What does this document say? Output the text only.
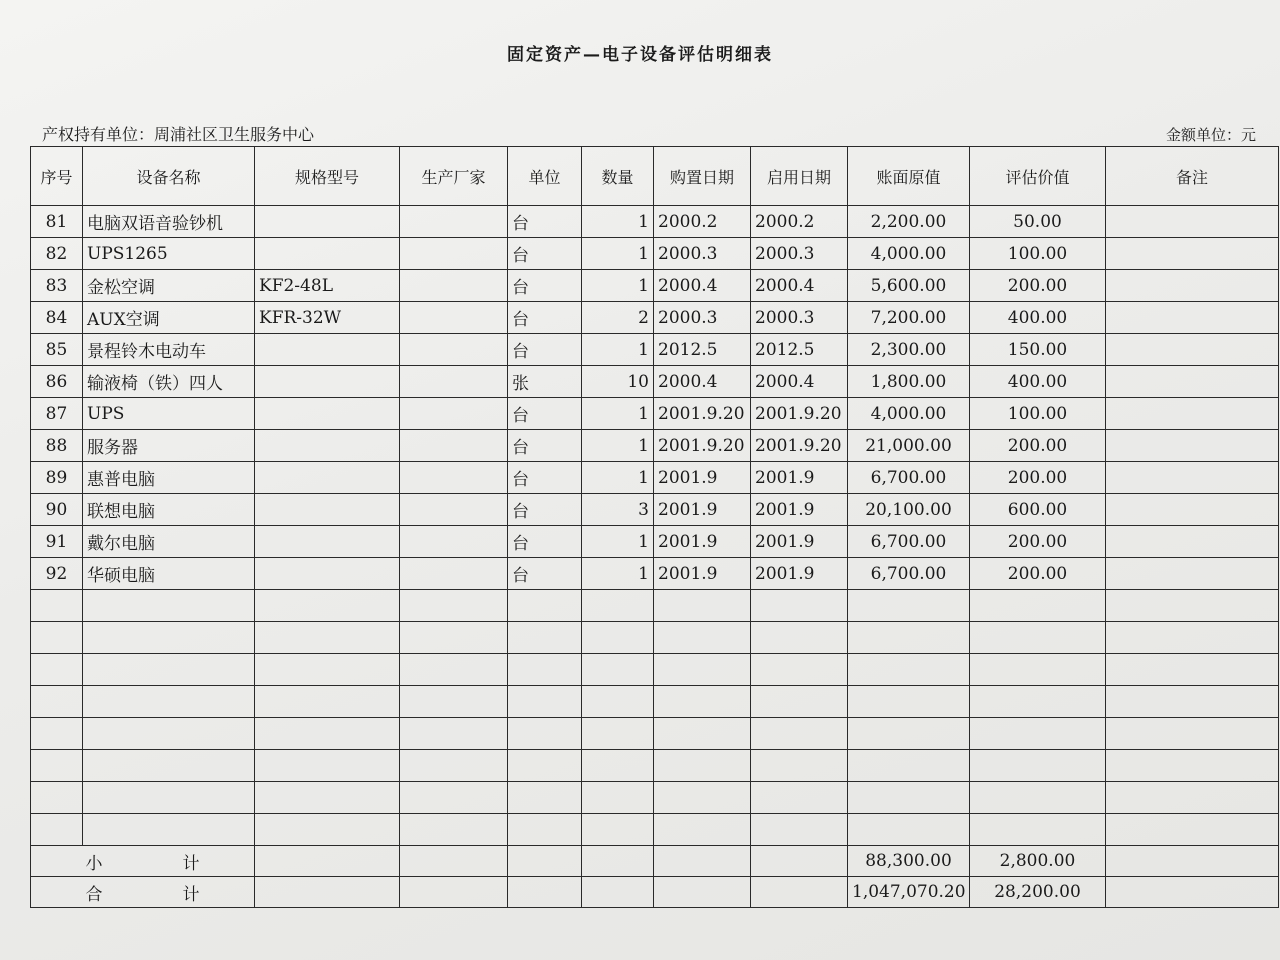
固定资产—电子设备评估明细表
产权持有单位：周浦社区卫生服务中心	金额单位：元
序号	设备名称	规格型号	生产厂家	单位	数量	购置日期	启用日期	账面原值	评估价值	备注
81	电脑双语音验钞机			台	1	2000.2	2000.2	2,200.00	50.00	
82	UPS1265			台	1	2000.3	2000.3	4,000.00	100.00	
83	金松空调	KF2-48L		台	1	2000.4	2000.4	5,600.00	200.00	
84	AUX空调	KFR-32W		台	2	2000.3	2000.3	7,200.00	400.00	
85	景程铃木电动车			台	1	2012.5	2012.5	2,300.00	150.00	
86	输液椅（铁）四人			张	10	2000.4	2000.4	1,800.00	400.00	
87	UPS			台	1	2001.9.20	2001.9.20	4,000.00	100.00	
88	服务器			台	1	2001.9.20	2001.9.20	21,000.00	200.00	
89	惠普电脑			台	1	2001.9	2001.9	6,700.00	200.00	
90	联想电脑			台	3	2001.9	2001.9	20,100.00	600.00	
91	戴尔电脑			台	1	2001.9	2001.9	6,700.00	200.00	
92	华硕电脑			台	1	2001.9	2001.9	6,700.00	200.00	

小 计								88,300.00	2,800.00	
合 计								1,047,070.20	28,200.00	
